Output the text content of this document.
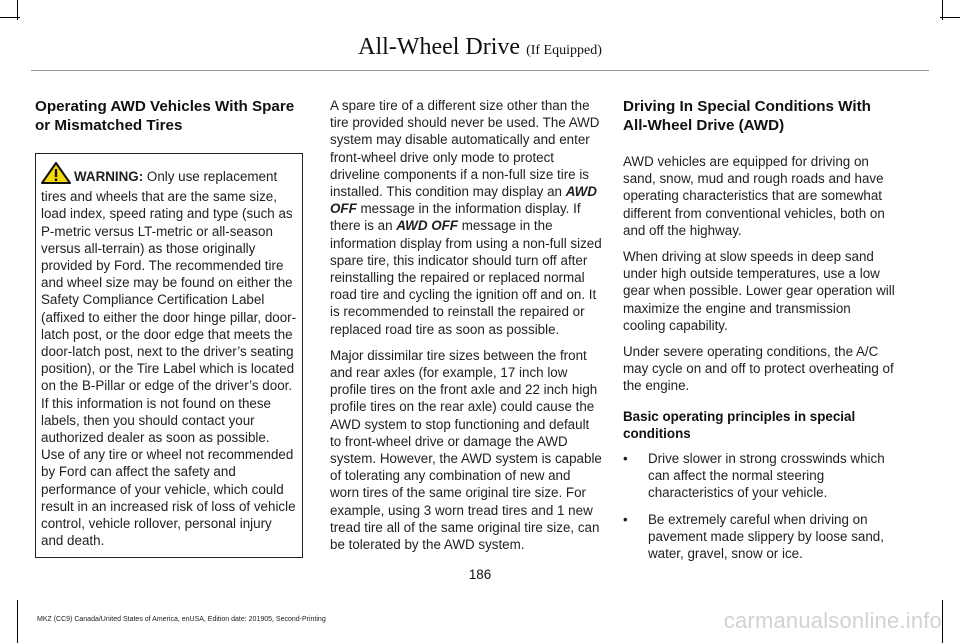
All-Wheel Drive (If Equipped)
Operating AWD Vehicles With Spare or Mismatched Tires

WARNING: Only use replacement tires and wheels that are the same size, load index, speed rating and type (such as P-metric versus LT-metric or all-season versus all-terrain) as those originally provided by Ford. The recommended tire and wheel size may be found on either the Safety Compliance Certification Label (affixed to either the door hinge pillar, door-latch post, or the door edge that meets the door-latch post, next to the driver’s seating position), or the Tire Label which is located on the B-Pillar or edge of the driver’s door. If this information is not found on these labels, then you should contact your authorized dealer as soon as possible. Use of any tire or wheel not recommended by Ford can affect the safety and performance of your vehicle, which could result in an increased risk of loss of vehicle control, vehicle rollover, personal injury and death.

A spare tire of a different size other than the tire provided should never be used. The AWD system may disable automatically and enter front-wheel drive only mode to protect driveline components if a non-full size tire is installed. This condition may display an AWD OFF message in the information display. If there is an AWD OFF message in the information display from using a non-full sized spare tire, this indicator should turn off after reinstalling the repaired or replaced normal road tire and cycling the ignition off and on. It is recommended to reinstall the repaired or replaced road tire as soon as possible.

Major dissimilar tire sizes between the front and rear axles (for example, 17 inch low profile tires on the front axle and 22 inch high profile tires on the rear axle) could cause the AWD system to stop functioning and default to front-wheel drive or damage the AWD system. However, the AWD system is capable of tolerating any combination of new and worn tires of the same original tire size. For example, using 3 worn tread tires and 1 new tread tire all of the same original tire size, can be tolerated by the AWD system.

Driving In Special Conditions With All-Wheel Drive (AWD)

AWD vehicles are equipped for driving on sand, snow, mud and rough roads and have operating characteristics that are somewhat different from conventional vehicles, both on and off the highway.

When driving at slow speeds in deep sand under high outside temperatures, use a low gear when possible. Lower gear operation will maximize the engine and transmission cooling capability.

Under severe operating conditions, the A/C may cycle on and off to protect overheating of the engine.

Basic operating principles in special conditions
• Drive slower in strong crosswinds which can affect the normal steering characteristics of your vehicle.
• Be extremely careful when driving on pavement made slippery by loose sand, water, gravel, snow or ice.
186
MKZ (CC9) Canada/United States of America, enUSA, Edition date: 201905, Second-Printing	carmanualsonline.info
